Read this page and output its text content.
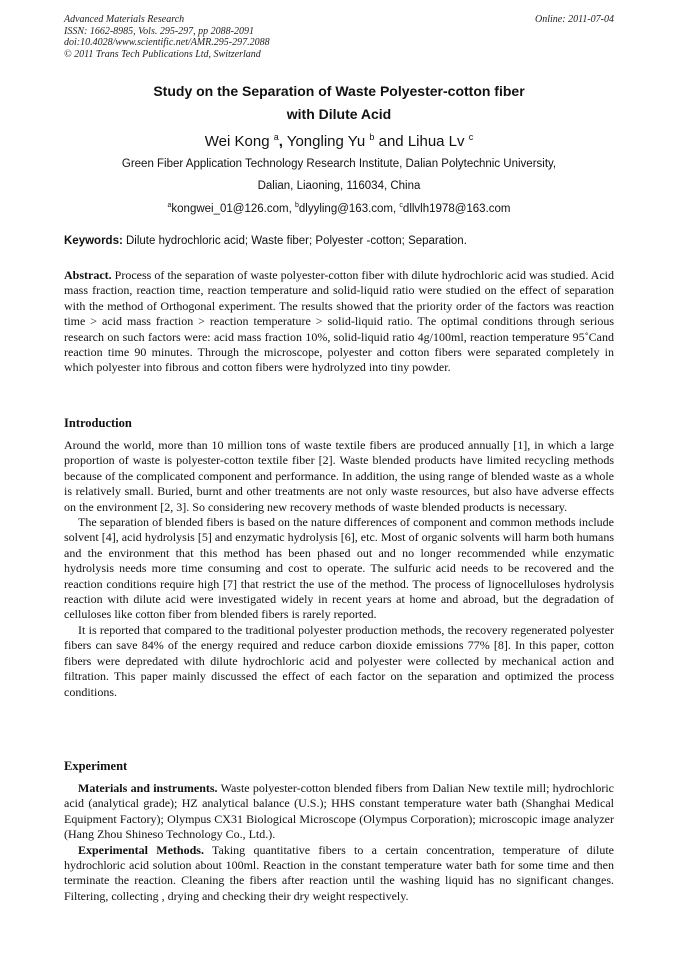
Advanced Materials Research
ISSN: 1662-8985, Vols. 295-297, pp 2088-2091
doi:10.4028/www.scientific.net/AMR.295-297.2088
© 2011 Trans Tech Publications Ltd, Switzerland
Online: 2011-07-04
Study on the Separation of Waste Polyester-cotton fiber
with Dilute Acid
Wei Kong $^a$, Yongling Yu $^b$ and Lihua Lv $^c$
Green Fiber Application Technology Research Institute, Dalian Polytechnic University,
Dalian, Liaoning, 116034, China
$^a$kongwei_01@126.com, $^b$dlyyling@163.com, $^c$dllvlh1978@163.com
Keywords: Dilute hydrochloric acid; Waste fiber; Polyester -cotton; Separation.

Abstract. Process of the separation of waste polyester-cotton fiber with dilute hydrochloric acid was studied. Acid mass fraction, reaction time, reaction temperature and solid-liquid ratio were studied on the effect of separation with the method of Orthogonal experiment. The results showed that the priority order of the factors was reaction time > acid mass fraction > reaction temperature > solid-liquid ratio. The optimal conditions through serious research on such factors were: acid mass fraction 10%, solid-liquid ratio 4g/100ml, reaction temperature 95˚Cand reaction time 90 minutes. Through the microscope, polyester and cotton fibers were separated completely in which polyester into fibrous and cotton fibers were hydrolyzed into tiny powder.

Introduction

Around the world, more than 10 million tons of waste textile fibers are produced annually [1], in which a large proportion of waste is polyester-cotton textile fiber [2]. Waste blended products have limited recycling methods because of the complicated component and performance. In addition, the using range of blended waste as a whole is relatively small. Buried, burnt and other treatments are not only waste resources, but also have adverse effects on the environment [2, 3]. So considering new recovery methods of waste blended products is necessary.

The separation of blended fibers is based on the nature differences of component and common methods include solvent [4], acid hydrolysis [5] and enzymatic hydrolysis [6], etc. Most of organic solvents will harm both humans and the environment that this method has been phased out and no longer recommended while enzymatic hydrolysis needs more time consuming and cost to operate. The sulfuric acid needs to be recovered and the reaction conditions require high [7] that restrict the use of the method. The process of lignocelluloses hydrolysis reaction with dilute acid were investigated widely in recent years at home and abroad, but the degradation of celluloses like cotton fiber from blended fibers is rarely reported.

It is reported that compared to the traditional polyester production methods, the recovery regenerated polyester fibers can save 84% of the energy required and reduce carbon dioxide emissions 77% [8]. In this paper, cotton fibers were depredated with dilute hydrochloric acid and polyester were collected by mechanical action and filtration. This paper mainly discussed the effect of each factor on the separation and optimized the process conditions.

Experiment

Materials and instruments. Waste polyester-cotton blended fibers from Dalian New textile mill; hydrochloric acid (analytical grade); HZ analytical balance (U.S.); HHS constant temperature water bath (Shanghai Medical Equipment Factory); Olympus CX31 Biological Microscope (Olympus Corporation); microscopic image analyzer (Hang Zhou Shineso Technology Co., Ltd.).

Experimental Methods. Taking quantitative fibers to a certain concentration, temperature of dilute hydrochloric acid solution about 100ml. Reaction in the constant temperature water bath for some time and then terminate the reaction. Cleaning the fibers after reaction until the washing liquid has no significant changes. Filtering, collecting , drying and checking their dry weight respectively.
